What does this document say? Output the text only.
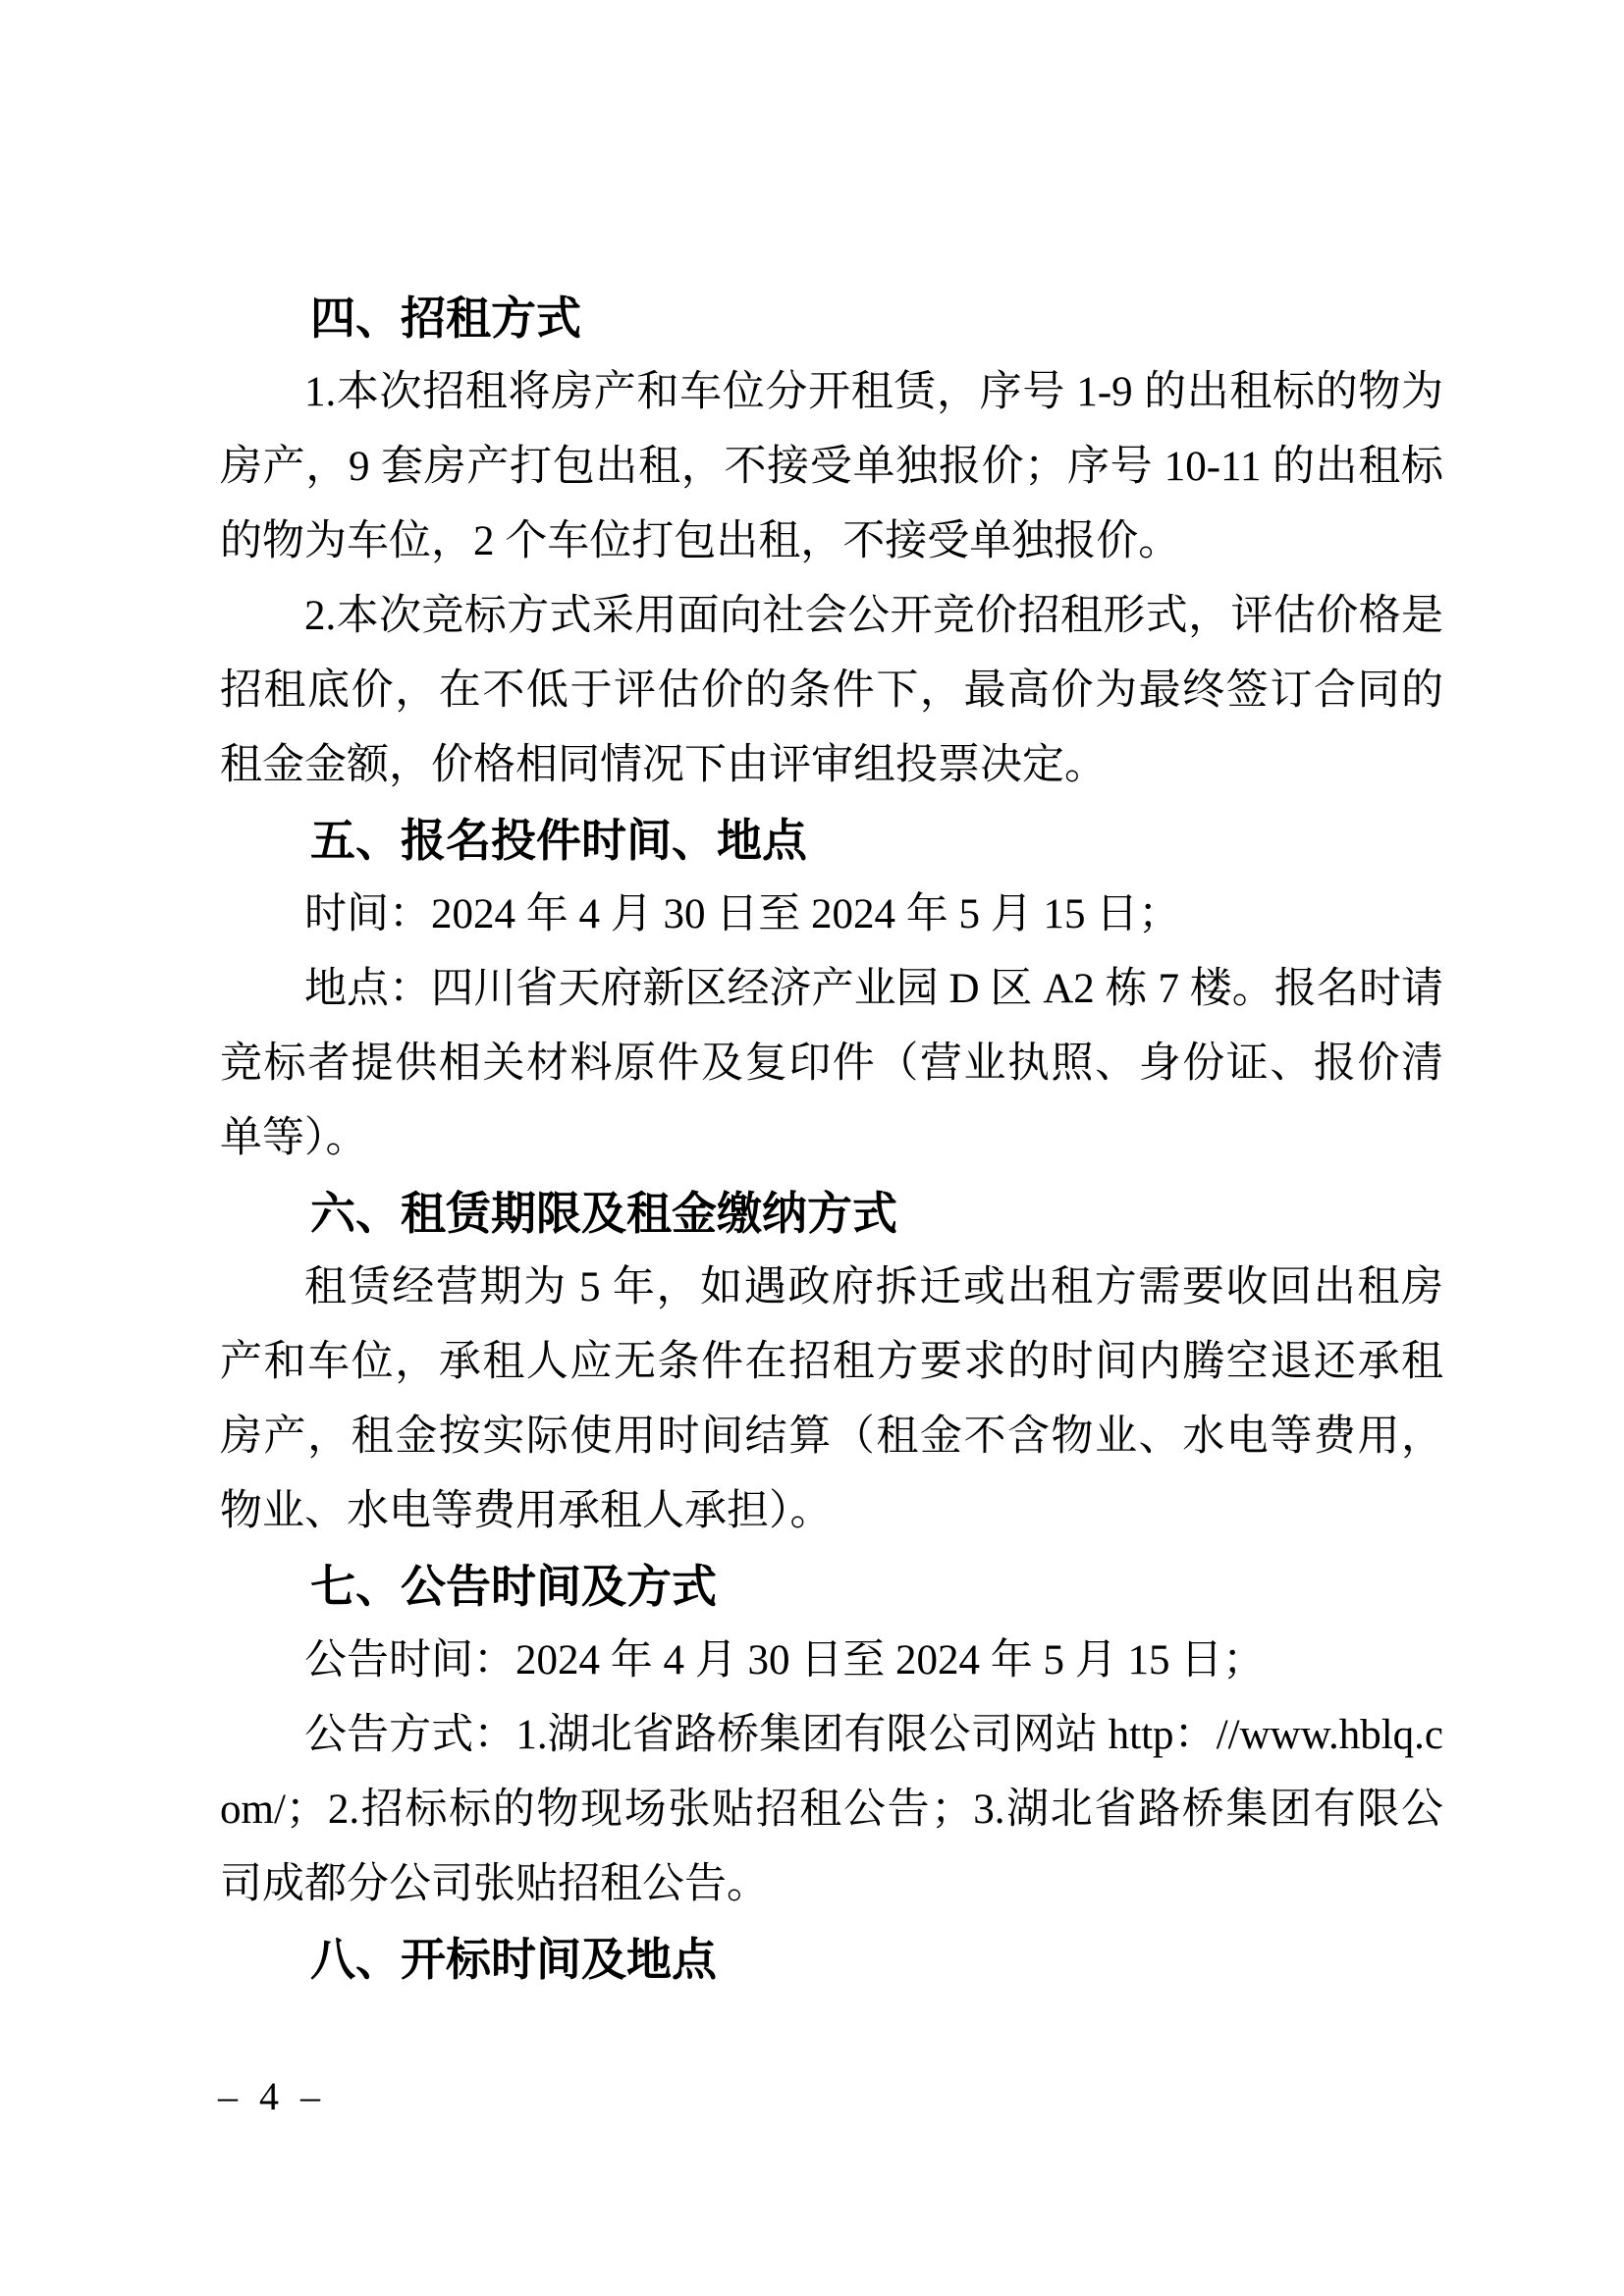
四、招租方式

1.本次招租将房产和车位分开租赁，序号 1-9 的出租标的物为房产，9 套房产打包出租，不接受单独报价；序号 10-11 的出租标的物为车位，2 个车位打包出租，不接受单独报价。

2.本次竞标方式采用面向社会公开竞价招租形式，评估价格是招租底价，在不低于评估价的条件下，最高价为最终签订合同的租金金额，价格相同情况下由评审组投票决定。

五、报名投件时间、地点

时间：2024 年 4 月 30 日至 2024 年 5 月 15 日；

地点：四川省天府新区经济产业园 D 区 A2 栋 7 楼。报名时请竞标者提供相关材料原件及复印件（营业执照、身份证、报价清单等）。

六、租赁期限及租金缴纳方式

租赁经营期为 5 年，如遇政府拆迁或出租方需要收回出租房产和车位，承租人应无条件在招租方要求的时间内腾空退还承租房产，租金按实际使用时间结算（租金不含物业、水电等费用，物业、水电等费用承租人承担）。

七、公告时间及方式

公告时间：2024 年 4 月 30 日至 2024 年 5 月 15 日；

公告方式：1.湖北省路桥集团有限公司网站 http：//www.hblq.com/；2.招标标的物现场张贴招租公告；3.湖北省路桥集团有限公司成都分公司张贴招租公告。

八、开标时间及地点
– 4 –
